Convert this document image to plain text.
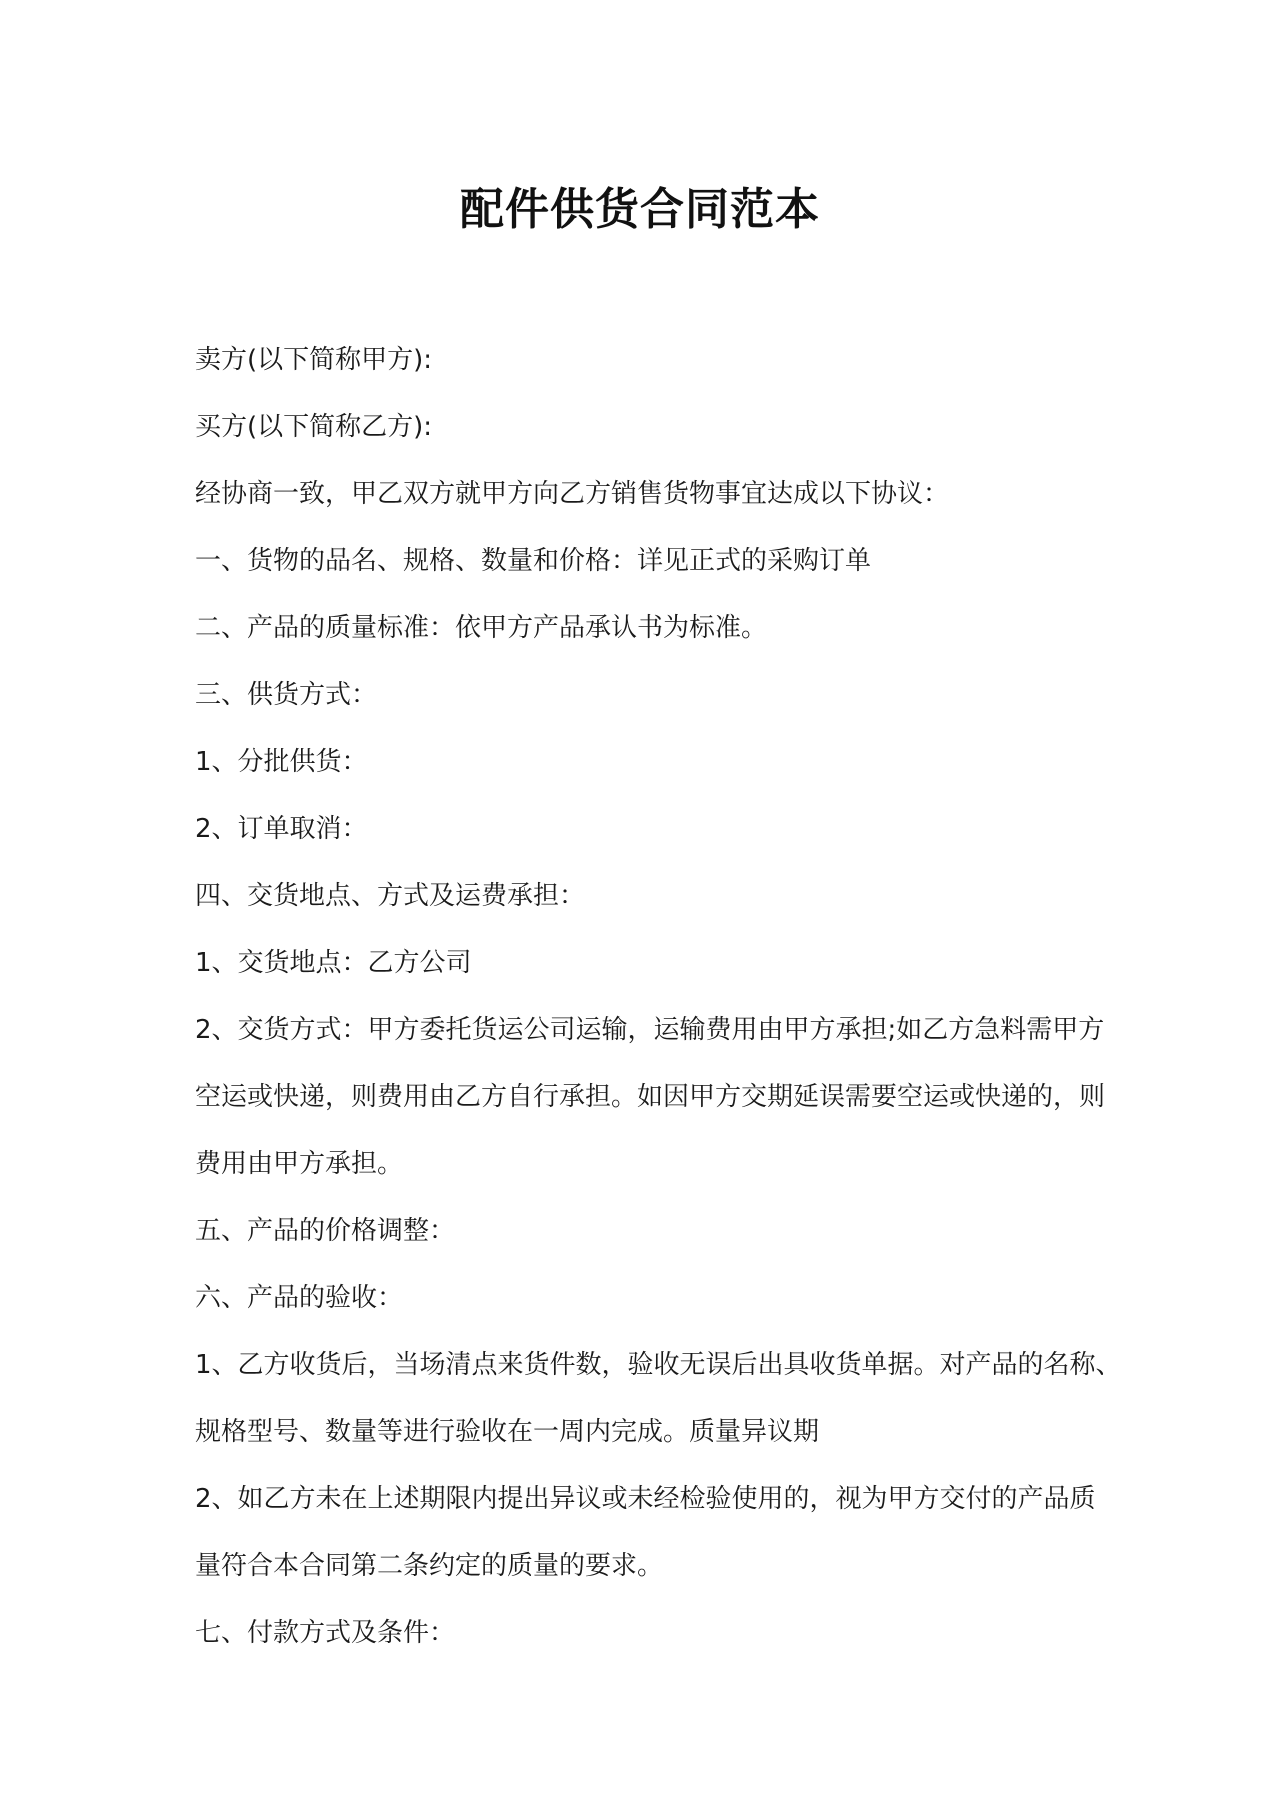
配件供货合同范本

卖方(以下简称甲方):

买方(以下简称乙方):

经协商一致，甲乙双方就甲方向乙方销售货物事宜达成以下协议：

一、货物的品名、规格、数量和价格：详见正式的采购订单

二、产品的质量标准：依甲方产品承认书为标准。

三、供货方式：

1、分批供货：

2、订单取消：

四、交货地点、方式及运费承担：

1、交货地点：乙方公司

2、交货方式：甲方委托货运公司运输，运输费用由甲方承担;如乙方急料需甲方

空运或快递，则费用由乙方自行承担。如因甲方交期延误需要空运或快递的，则

费用由甲方承担。

五、产品的价格调整：

六、产品的验收：

1、乙方收货后，当场清点来货件数，验收无误后出具收货单据。对产品的名称、

规格型号、数量等进行验收在一周内完成。质量异议期

2、如乙方未在上述期限内提出异议或未经检验使用的，视为甲方交付的产品质

量符合本合同第二条约定的质量的要求。

七、付款方式及条件：
